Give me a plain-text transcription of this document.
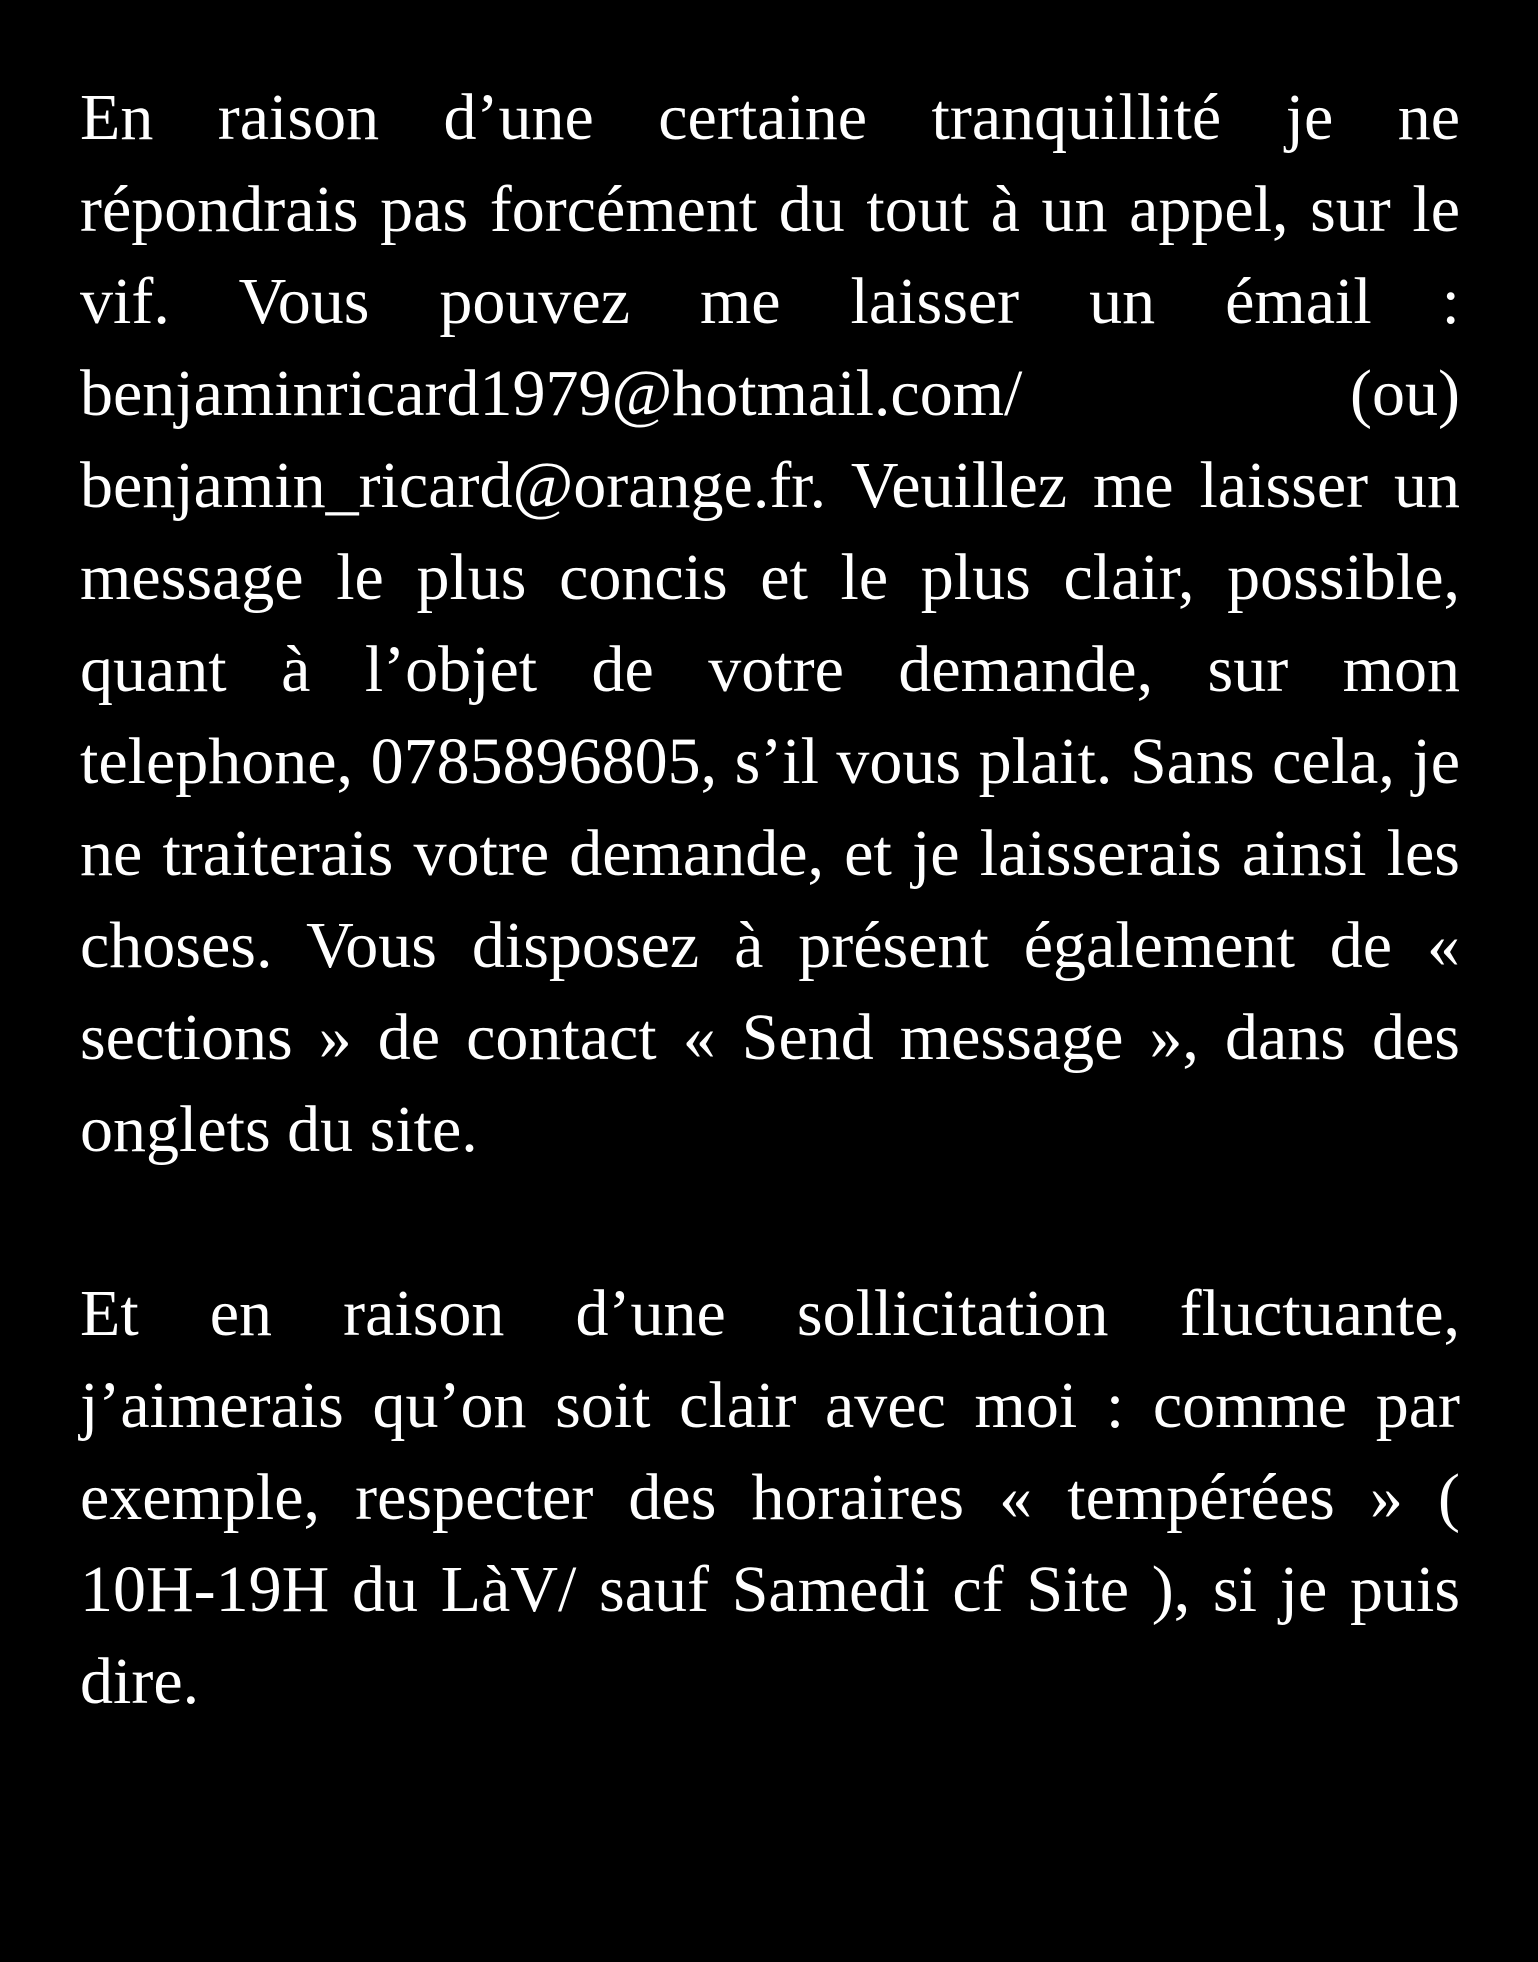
En raison d’une certaine tranquillité je ne répondrais pas forcément du tout à un appel, sur le vif. Vous pouvez me laisser un émail : benjaminricard1979@hotmail.com/ (ou) benjamin_ricard@orange.fr. Veuillez me laisser un message le plus concis et le plus clair, possible, quant à l’objet de votre demande, sur mon telephone, 0785896805, s’il vous plait. Sans cela, je ne traiterais votre demande, et je laisserais ainsi les choses. Vous disposez à présent également de « sections » de contact « Send message », dans des onglets du site.

Et en raison d’une sollicitation fluctuante, j’aimerais qu’on soit clair avec moi : comme par exemple, respecter des horaires « tempérées » ( 10H-19H du LàV/ sauf Samedi cf Site ), si je puis dire.
